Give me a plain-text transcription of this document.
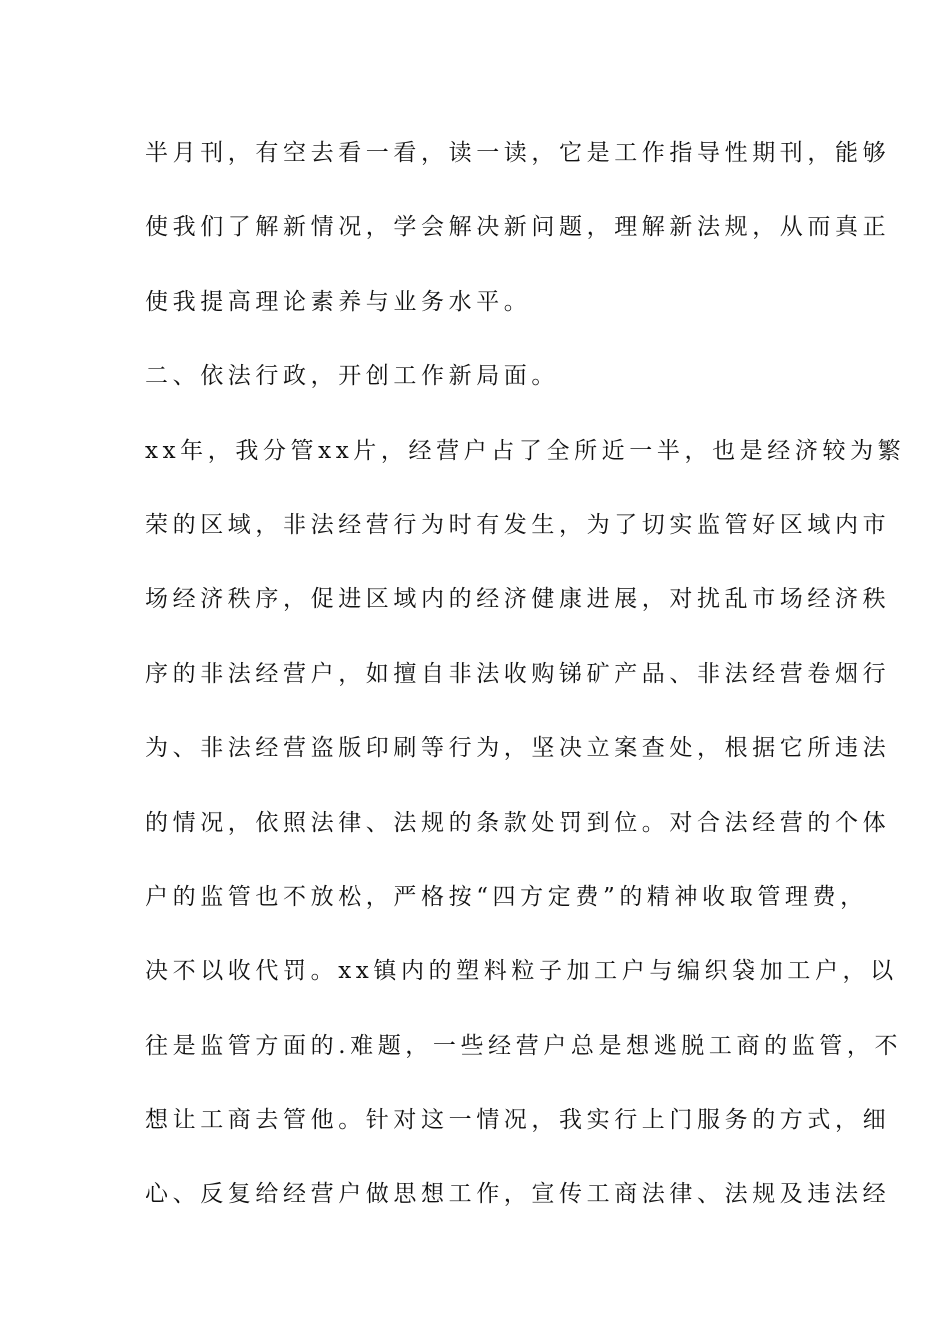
半月刊，有空去看一看，读一读，它是工作指导性期刊，能够
使我们了解新情况，学会解决新问题，理解新法规，从而真正
使我提高理论素养与业务水平。
二、依法行政，开创工作新局面。
xx年，我分管xx片，经营户占了全所近一半，也是经济较为繁
荣的区域，非法经营行为时有发生，为了切实监管好区域内市
场经济秩序，促进区域内的经济健康进展，对扰乱市场经济秩
序的非法经营户，如擅自非法收购锑矿产品、非法经营卷烟行
为、非法经营盗版印刷等行为，坚决立案查处，根据它所违法
的情况，依照法律、法规的条款处罚到位。对合法经营的个体
户的监管也不放松，严格按“四方定费”的精神收取管理费，
决不以收代罚。xx镇内的塑料粒子加工户与编织袋加工户，以
往是监管方面的.难题，一些经营户总是想逃脱工商的监管，不
想让工商去管他。针对这一情况，我实行上门服务的方式，细
心、反复给经营户做思想工作，宣传工商法律、法规及违法经
